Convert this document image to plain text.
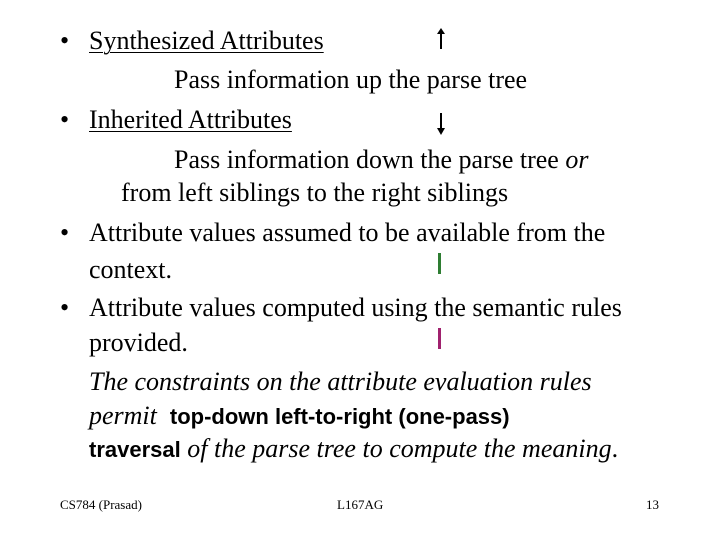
• Synthesized Attributes
Pass information up the parse tree
• Inherited Attributes
Pass information down the parse tree or
from left siblings to the right siblings
• Attribute values assumed to be available from the
context.
• Attribute values computed using the semantic rules
provided.
The constraints on the attribute evaluation rules
permit top-down left-to-right (one-pass)
traversal of the parse tree to compute the meaning.
CS784 (Prasad)	L167AG	13
